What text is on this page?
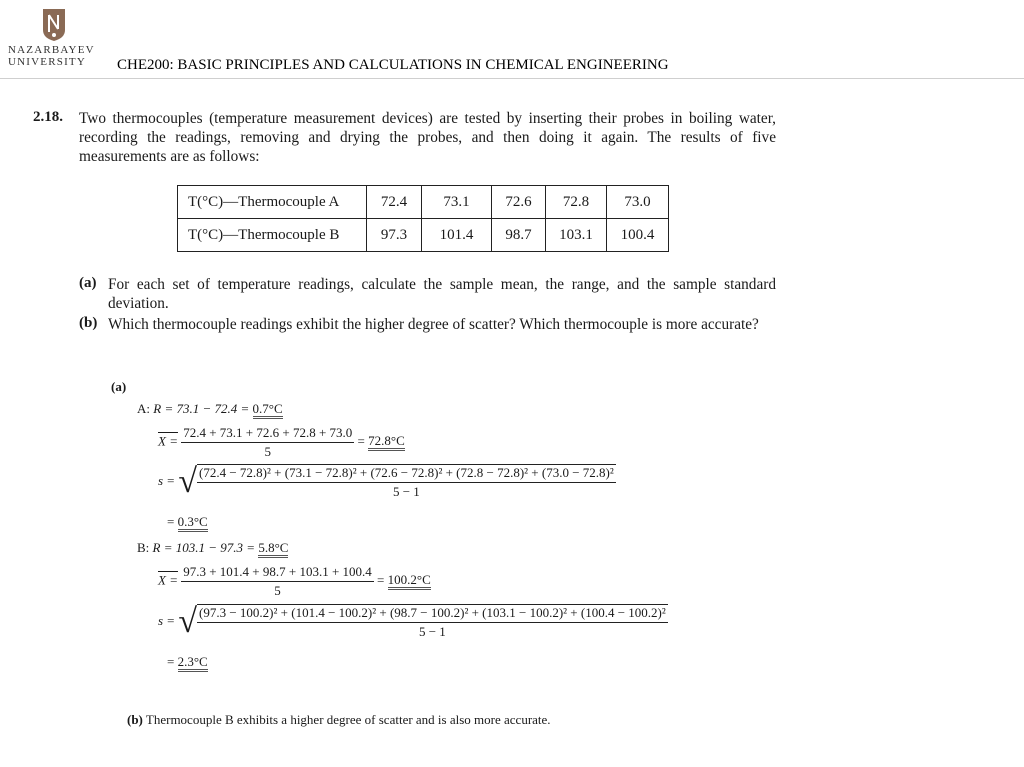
NAZARBAYEV
UNIVERSITY	CHE200: BASIC PRINCIPLES AND CALCULATIONS IN CHEMICAL ENGINEERING
2.18. Two thermocouples (temperature measurement devices) are tested by inserting their probes in boiling water, recording the readings, removing and drying the probes, and then doing it again. The results of five measurements are as follows:
T(°C)—Thermocouple A	72.4	73.1	72.6	72.8	73.0
T(°C)—Thermocouple B	97.3	101.4	98.7	103.1	100.4
(a) For each set of temperature readings, calculate the sample mean, the range, and the sample standard deviation.
(b) Which thermocouple readings exhibit the higher degree of scatter? Which thermocouple is more accurate?
(a)
A: R = 73.1 − 72.4 = 0.7°C
$X = \frac{72.4 + 73.1 + 72.6 + 72.8 + 73.0}{5} = 72.8^\circ C$
s = √ (72.4 − 72.8)² + (73.1 − 72.8)² + (72.6 − 72.8)² + (72.8 − 72.8)² + (73.0 − 72.8)²
5 − 1
= 0.3°C
B: R = 103.1 − 97.3 = 5.8°C
$X = \frac{97.3 + 101.4 + 98.7 + 103.1 + 100.4}{5} = 100.2^\circ C$
s = √ (97.3 − 100.2)² + (101.4 − 100.2)² + (98.7 − 100.2)² + (103.1 − 100.2)² + (100.4 − 100.2)²
5 − 1
= 2.3°C
(b) Thermocouple B exhibits a higher degree of scatter and is also more accurate.
